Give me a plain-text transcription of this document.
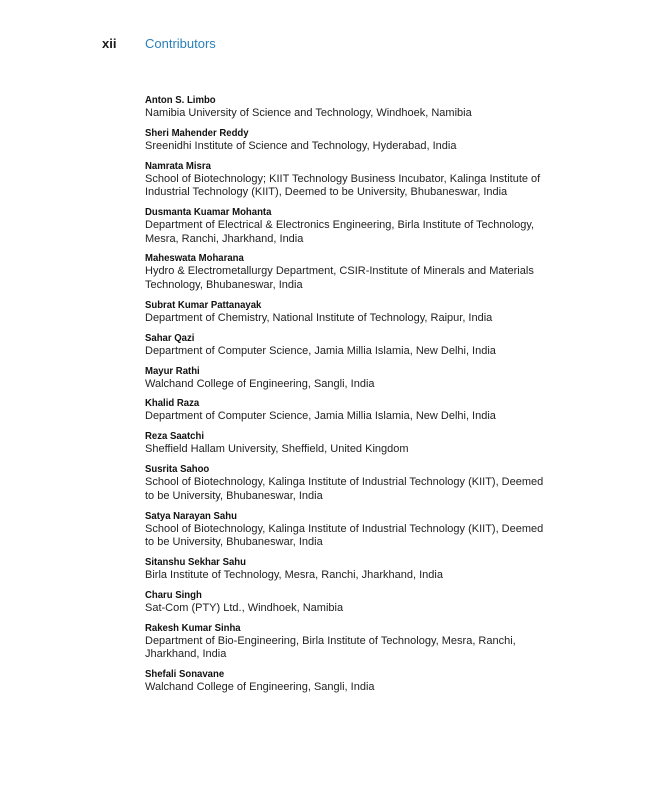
xii	Contributors
Anton S. Limbo
Namibia University of Science and Technology, Windhoek, Namibia
Sheri Mahender Reddy
Sreenidhi Institute of Science and Technology, Hyderabad, India
Namrata Misra
School of Biotechnology; KIIT Technology Business Incubator, Kalinga Institute of Industrial Technology (KIIT), Deemed to be University, Bhubaneswar, India
Dusmanta Kuamar Mohanta
Department of Electrical & Electronics Engineering, Birla Institute of Technology, Mesra, Ranchi, Jharkhand, India
Maheswata Moharana
Hydro & Electrometallurgy Department, CSIR-Institute of Minerals and Materials Technology, Bhubaneswar, India
Subrat Kumar Pattanayak
Department of Chemistry, National Institute of Technology, Raipur, India
Sahar Qazi
Department of Computer Science, Jamia Millia Islamia, New Delhi, India
Mayur Rathi
Walchand College of Engineering, Sangli, India
Khalid Raza
Department of Computer Science, Jamia Millia Islamia, New Delhi, India
Reza Saatchi
Sheffield Hallam University, Sheffield, United Kingdom
Susrita Sahoo
School of Biotechnology, Kalinga Institute of Industrial Technology (KIIT), Deemed to be University, Bhubaneswar, India
Satya Narayan Sahu
School of Biotechnology, Kalinga Institute of Industrial Technology (KIIT), Deemed to be University, Bhubaneswar, India
Sitanshu Sekhar Sahu
Birla Institute of Technology, Mesra, Ranchi, Jharkhand, India
Charu Singh
Sat-Com (PTY) Ltd., Windhoek, Namibia
Rakesh Kumar Sinha
Department of Bio-Engineering, Birla Institute of Technology, Mesra, Ranchi, Jharkhand, India
Shefali Sonavane
Walchand College of Engineering, Sangli, India
